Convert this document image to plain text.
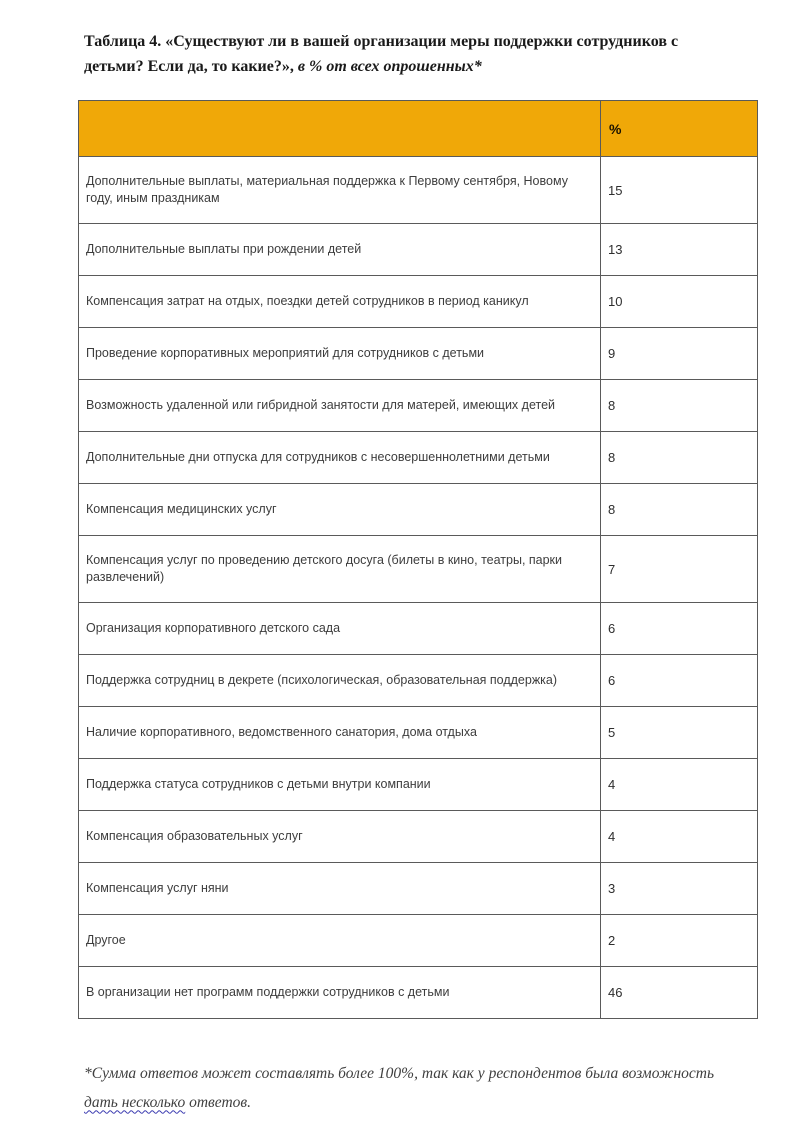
Таблица 4. «Существуют ли в вашей организации меры поддержки сотрудников с детьми? Если да, то какие?», в % от всех опрошенных*
	%
Дополнительные выплаты, материальная поддержка к Первому сентября, Новому году, иным праздникам	15
Дополнительные выплаты при рождении детей	13
Компенсация затрат на отдых, поездки детей сотрудников в период каникул	10
Проведение корпоративных мероприятий для сотрудников с детьми	9
Возможность удаленной или гибридной занятости для матерей, имеющих детей	8
Дополнительные дни отпуска для сотрудников с несовершеннолетними детьми	8
Компенсация медицинских услуг	8
Компенсация услуг по проведению детского досуга (билеты в кино, театры, парки развлечений)	7
Организация корпоративного детского сада	6
Поддержка сотрудниц в декрете (психологическая, образовательная поддержка)	6
Наличие корпоративного, ведомственного санатория, дома отдыха	5
Поддержка статуса сотрудников с детьми внутри компании	4
Компенсация образовательных услуг	4
Компенсация услуг няни	3
Другое	2
В организации нет программ поддержки сотрудников с детьми	46
*Сумма ответов может составлять более 100%, так как у респондентов была возможность дать несколько ответов.
